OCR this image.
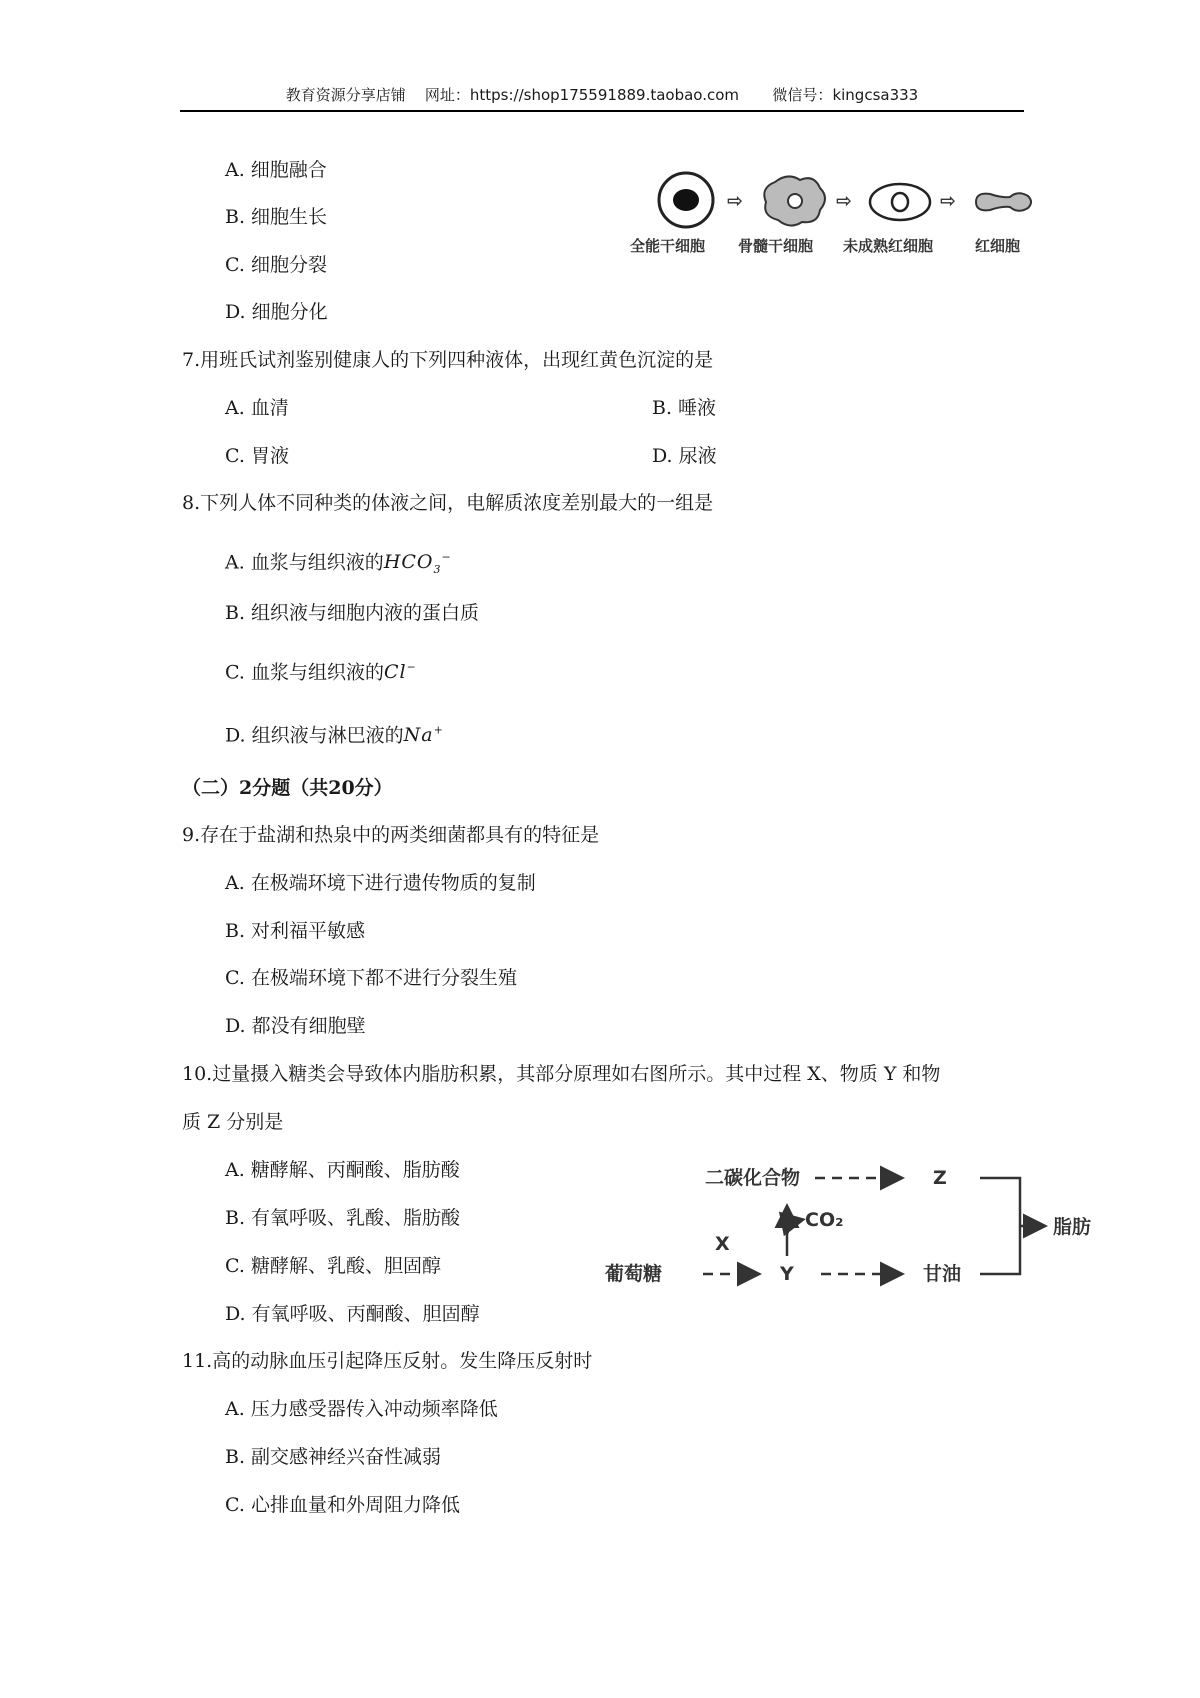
教育资源分享店铺 网址：https://shop175591889.taobao.com 微信号：kingcsa333
A. 细胞融合
B. 细胞生长
C. 细胞分裂
D. 细胞分化
⇨	⇨	⇨
全能干细胞 骨髓干细胞 未成熟红细胞	红细胞
7.用班氏试剂鉴别健康人的下列四种液体，出现红黄色沉淀的是
A. 血清	B. 唾液
C. 胃液	D. 尿液
8.下列人体不同种类的体液之间，电解质浓度差别最大的一组是
A. 血浆与组织液的$HCO_3^-$
B. 组织液与细胞内液的蛋白质
C. 血浆与组织液的Cl−
D. 组织液与淋巴液的Na+
（二）2分题（共20分）
9.存在于盐湖和热泉中的两类细菌都具有的特征是
A. 在极端环境下进行遗传物质的复制
B. 对利福平敏感
C. 在极端环境下都不进行分裂生殖
D. 都没有细胞壁
10.过量摄入糖类会导致体内脂肪积累，其部分原理如右图所示。其中过程 X、物质 Y 和物
质 Z 分别是
A. 糖酵解、丙酮酸、脂肪酸
B. 有氧呼吸、乳酸、脂肪酸
C. 糖酵解、乳酸、胆固醇
D. 有氧呼吸、丙酮酸、胆固醇
二碳化合物	Z
X
葡萄糖	Y
CO₂
甘油
脂肪
11.高的动脉血压引起降压反射。发生降压反射时
A. 压力感受器传入冲动频率降低
B. 副交感神经兴奋性减弱
C. 心排血量和外周阻力降低
